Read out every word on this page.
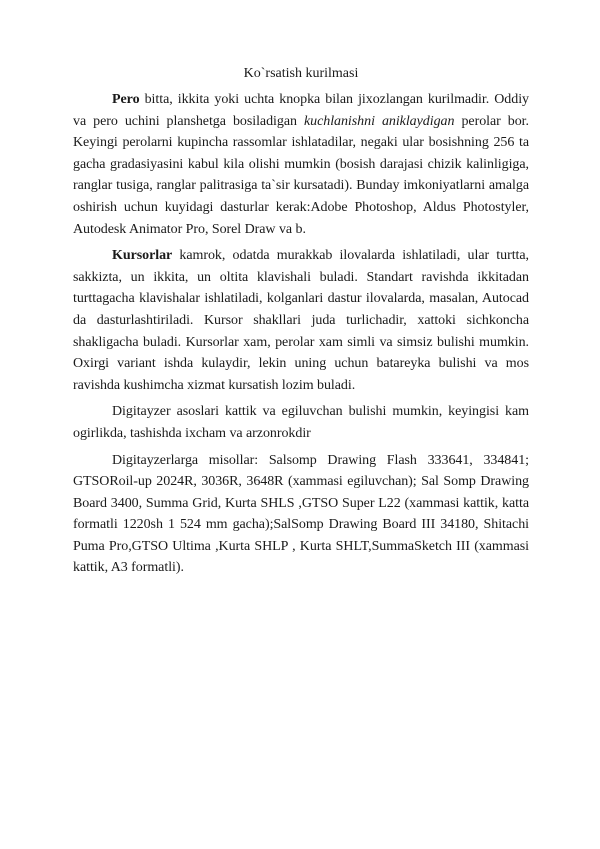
Ko`rsatish kurilmasi

Pero bitta, ikkita yoki uchta knopka bilan jixozlangan kurilmadir. Oddiy va pero uchini planshetga bosiladigan kuchlanishni aniklaydigan perolar bor. Keyingi perolarni kupincha rassomlar ishlatadilar, negaki ular bosishning 256 ta gacha gradasiyasini kabul kila olishi mumkin (bosish darajasi chizik kalinligiga, ranglar tusiga, ranglar palitrasiga ta`sir kursatadi). Bunday imkoniyatlarni amalga oshirish uchun kuyidagi dasturlar kerak:Adobe Photoshop, Aldus Photostyler, Autodesk Animator Pro, Sorel Draw va b.

Kursorlar kamrok, odatda murakkab ilovalarda ishlatiladi, ular turtta, sakkizta, un ikkita, un oltita klavishali buladi. Standart ravishda ikkitadan turttagacha klavishalar ishlatiladi, kolganlari dastur ilovalarda, masalan, Autocad da dasturlashtiriladi. Kursor shakllari juda turlichadir, xattoki sichkoncha shakligacha buladi. Kursorlar xam, perolar xam simli va simsiz bulishi mumkin. Oxirgi variant ishda kulaydir, lekin uning uchun batareyka bulishi va mos ravishda kushimcha xizmat kursatish lozim buladi.

Digitayzer asoslari kattik va egiluvchan bulishi mumkin, keyingisi kam ogirlikda, tashishda ixcham va arzonrokdir

Digitayzerlarga misollar: Salsomp Drawing Flash 333641, 334841; GTSORoil-up 2024R, 3036R, 3648R (xammasi egiluvchan); Sal Somp Drawing Board 3400, Summa Grid, Kurta SHLS ,GTSO Super L22 (xammasi kattik, katta formatli 1220sh 1 524 mm gacha);SalSomp Drawing Board III 34180, Shitachi Puma Pro,GTSO Ultima ,Kurta SHLP , Kurta SHLT,SummaSketch III (xammasi kattik, A3 formatli).
